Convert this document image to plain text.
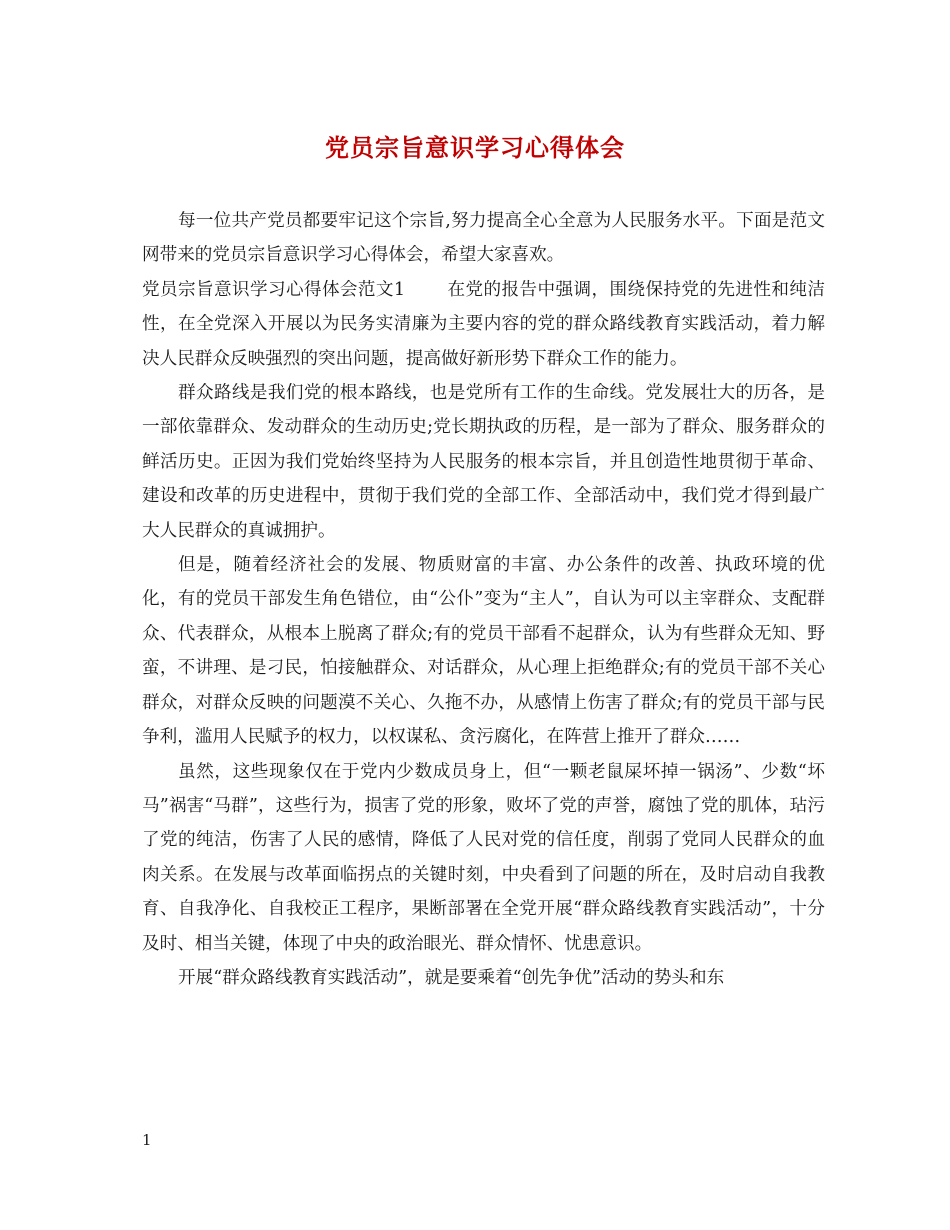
党员宗旨意识学习心得体会

每一位共产党员都要牢记这个宗旨,努力提高全心全意为人民服务水平。下面是范文网带来的党员宗旨意识学习心得体会，希望大家喜欢。

党员宗旨意识学习心得体会范文1 在党的报告中强调，围绕保持党的先进性和纯洁性，在全党深入开展以为民务实清廉为主要内容的党的群众路线教育实践活动，着力解决人民群众反映强烈的突出问题，提高做好新形势下群众工作的能力。

群众路线是我们党的根本路线，也是党所有工作的生命线。党发展壮大的历各，是一部依靠群众、发动群众的生动历史;党长期执政的历程，是一部为了群众、服务群众的鲜活历史。正因为我们党始终坚持为人民服务的根本宗旨，并且创造性地贯彻于革命、建设和改革的历史进程中，贯彻于我们党的全部工作、全部活动中，我们党才得到最广大人民群众的真诚拥护。

但是，随着经济社会的发展、物质财富的丰富、办公条件的改善、执政环境的优化，有的党员干部发生角色错位，由“公仆”变为“主人”，自认为可以主宰群众、支配群众、代表群众，从根本上脱离了群众;有的党员干部看不起群众，认为有些群众无知、野蛮，不讲理、是刁民，怕接触群众、对话群众，从心理上拒绝群众;有的党员干部不关心群众，对群众反映的问题漠不关心、久拖不办，从感情上伤害了群众;有的党员干部与民争利，滥用人民赋予的权力，以权谋私、贪污腐化，在阵营上推开了群众……

虽然，这些现象仅在于党内少数成员身上，但“一颗老鼠屎坏掉一锅汤”、少数“坏马”祸害“马群”，这些行为，损害了党的形象，败坏了党的声誉，腐蚀了党的肌体，玷污了党的纯洁，伤害了人民的感情，降低了人民对党的信任度，削弱了党同人民群众的血肉关系。在发展与改革面临拐点的关键时刻，中央看到了问题的所在，及时启动自我教育、自我净化、自我校正工程序，果断部署在全党开展“群众路线教育实践活动”，十分及时、相当关键，体现了中央的政治眼光、群众情怀、忧患意识。

开展“群众路线教育实践活动”，就是要乘着“创先争优”活动的势头和东

1
